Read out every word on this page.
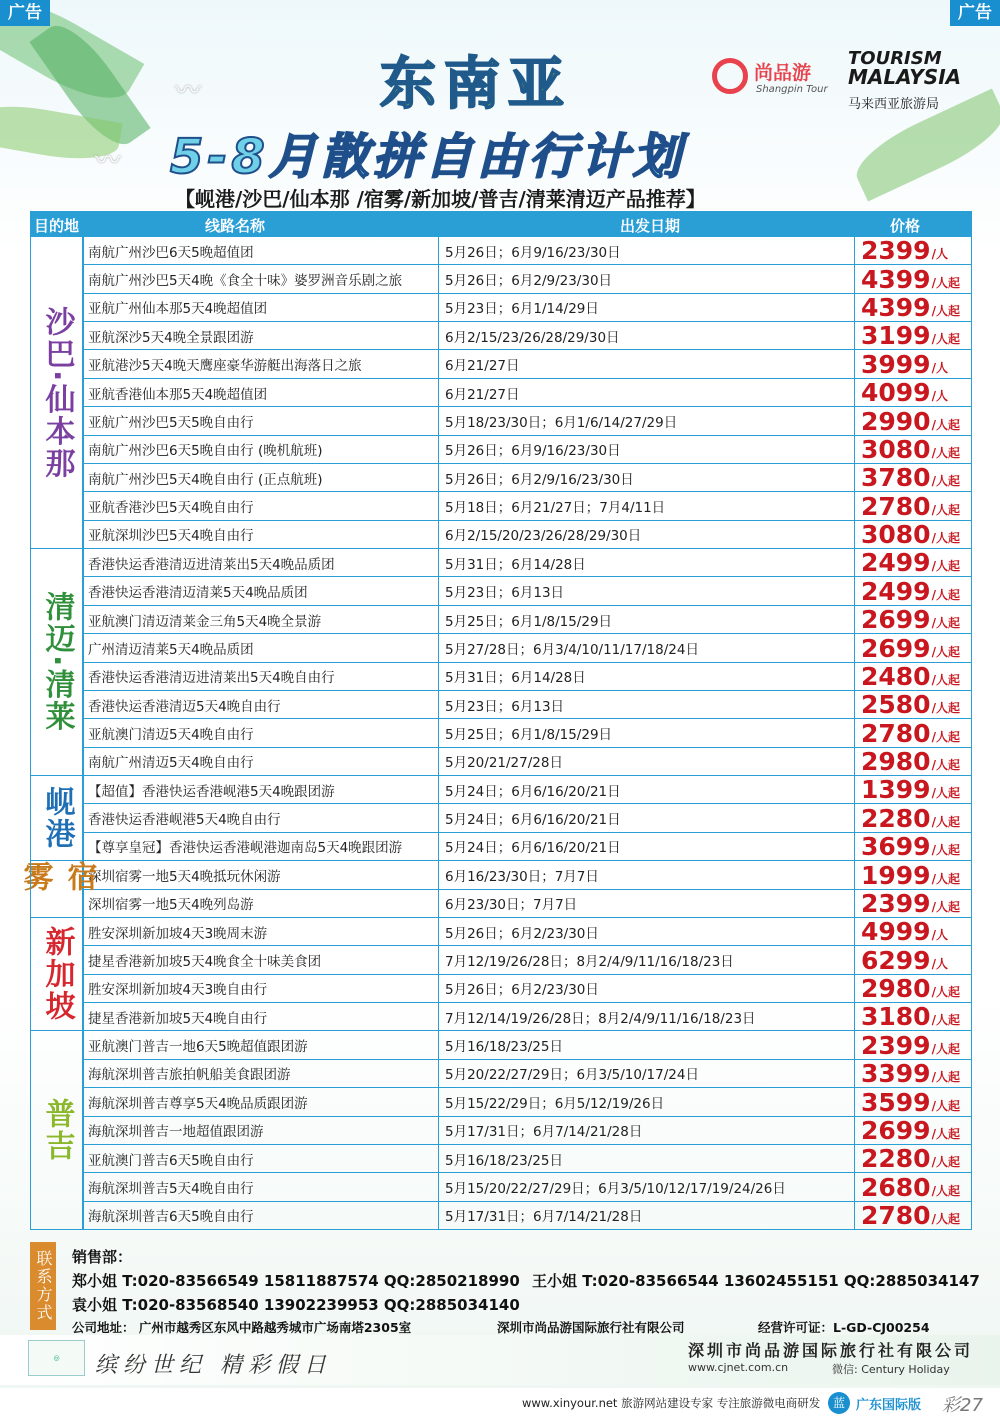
〰
〰
广告	广告
东南亚
5-8月散拼自由行计划
【岘港/沙巴/仙本那 /宿雾/新加坡/普吉/清莱清迈产品推荐】
尚品游
Shangpin Tour
TOURISM
MALAYSIA
马来西亚旅游局
目的地	线路名称	出发日期	价格
南航广州沙巴6天5晚超值团	5月26日；6月9/16/23/30日	2399 /人
南航广州沙巴5天4晚《食全十味》婆罗洲音乐剧之旅	5月26日；6月2/9/23/30日	4399 /人起
亚航广州仙本那5天4晚超值团	5月23日；6月1/14/29日	4399 /人起
亚航深沙5天4晚全景跟团游	6月2/15/23/26/28/29/30日	3199 /人起
亚航港沙5天4晚天鹰座豪华游艇出海落日之旅	6月21/27日	3999 /人
亚航香港仙本那5天4晚超值团	6月21/27日	4099 /人
亚航广州沙巴5天5晚自由行	5月18/23/30日；6月1/6/14/27/29日	2990 /人起
南航广州沙巴6天5晚自由行 (晚机航班)	5月26日；6月9/16/23/30日	3080 /人起
南航广州沙巴5天4晚自由行 (正点航班)	5月26日；6月2/9/16/23/30日	3780 /人起
亚航香港沙巴5天4晚自由行	5月18日；6月21/27日；7月4/11日	2780 /人起
亚航深圳沙巴5天4晚自由行	6月2/15/20/23/26/28/29/30日	3080 /人起
沙巴·仙本那
香港快运香港清迈进清莱出5天4晚品质团	5月31日；6月14/28日	2499 /人起
香港快运香港清迈清莱5天4晚品质团	5月23日；6月13日	2499 /人起
亚航澳门清迈清莱金三角5天4晚全景游	5月25日；6月1/8/15/29日	2699 /人起
广州清迈清莱5天4晚品质团	5月27/28日；6月3/4/10/11/17/18/24日	2699 /人起
香港快运香港清迈进清莱出5天4晚自由行	5月31日；6月14/28日	2480 /人起
香港快运香港清迈5天4晚自由行	5月23日；6月13日	2580 /人起
亚航澳门清迈5天4晚自由行	5月25日；6月1/8/15/29日	2780 /人起
南航广州清迈5天4晚自由行	5月20/21/27/28日	2980 /人起
清迈·清莱
【超值】香港快运香港岘港5天4晚跟团游	5月24日；6月6/16/20/21日	1399 /人起
香港快运香港岘港5天4晚自由行	5月24日；6月6/16/20/21日	2280 /人起
【尊享皇冠】香港快运香港岘港迦南岛5天4晚跟团游	5月24日；6月6/16/20/21日	3699 /人起
岘港
深圳宿雾一地5天4晚抵玩休闲游	6月16/23/30日；7月7日	1999 /人起
深圳宿雾一地5天4晚列岛游	6月23/30日；7月7日	2399 /人起
宿雾
胜安深圳新加坡4天3晚周末游	5月26日；6月2/23/30日	4999 /人
捷星香港新加坡5天4晚食全十味美食团	7月12/19/26/28日；8月2/4/9/11/16/18/23日	6299 /人
胜安深圳新加坡4天3晚自由行	5月26日；6月2/23/30日	2980 /人起
捷星香港新加坡5天4晚自由行	7月12/14/19/26/28日；8月2/4/9/11/16/18/23日	3180 /人起
新加坡
亚航澳门普吉一地6天5晚超值跟团游	5月16/18/23/25日	2399 /人起
海航深圳普吉旅拍帆船美食跟团游	5月20/22/27/29日；6月3/5/10/17/24日	3399 /人起
海航深圳普吉尊享5天4晚品质跟团游	5月15/22/29日；6月5/12/19/26日	3599 /人起
海航深圳普吉一地超值跟团游	5月17/31日；6月7/14/21/28日	2699 /人起
亚航澳门普吉6天5晚自由行	5月16/18/23/25日	2280 /人起
海航深圳普吉5天4晚自由行	5月15/20/22/27/29日；6月3/5/10/12/17/19/24/26日	2680 /人起
海航深圳普吉6天5晚自由行	5月17/31日；6月7/14/21/28日	2780 /人起
普吉
联系方式 销售部：
郑小姐 T:020-83566549 15811887574 QQ:2850218990 王小姐 T:020-83566544 13602455151 QQ:2885034147
袁小姐 T:020-83568540 13902239953 QQ:2885034140
公司地址： 广州市越秀区东风中路越秀城市广场南塔2305室	深圳市尚品游国际旅行社有限公司	经营许可证：L-GD-CJ00254
◎	缤纷世纪 精彩假日
深圳市尚品游国际旅行社有限公司
www.cjnet.com.cn	微信: Century Holiday
www.xinyour.net 旅游网站建设专家 专注旅游微电商研发	蓝 广东国际版 彩27
